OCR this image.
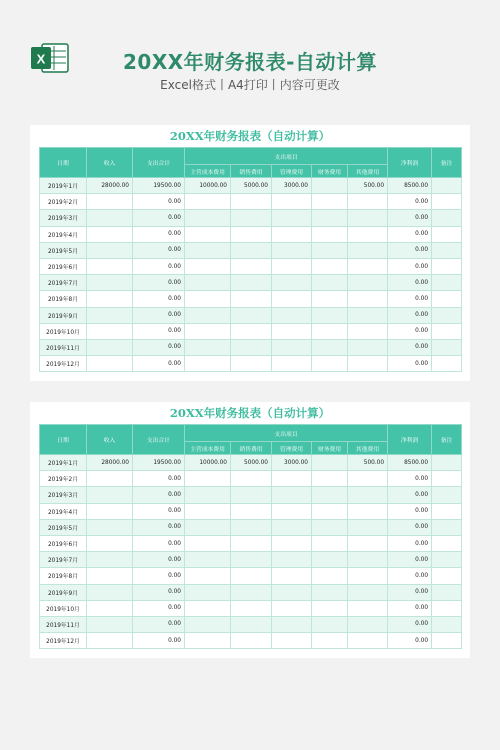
X	20XX年财务报表-自动计算
Excel格式丨A4打印丨内容可更改
20XX年财务报表（自动计算）
日期	收入	支出合计	支出项目					净利润	备注
			主营成本费用	销售费用	管理费用	财务费用	其他费用		
2019年1月	28000.00	19500.00	10000.00	5000.00	3000.00		500.00	8500.00	
2019年2月		0.00						0.00	
2019年3月		0.00						0.00	
2019年4月		0.00						0.00	
2019年5月		0.00						0.00	
2019年6月		0.00						0.00	
2019年7月		0.00						0.00	
2019年8月		0.00						0.00	
2019年9月		0.00						0.00	
2019年10月		0.00						0.00	
2019年11月		0.00						0.00	
2019年12月		0.00						0.00	
20XX年财务报表（自动计算）
日期	收入	支出合计	支出项目					净利润	备注
			主营成本费用	销售费用	管理费用	财务费用	其他费用		
2019年1月	28000.00	19500.00	10000.00	5000.00	3000.00		500.00	8500.00	
2019年2月		0.00						0.00	
2019年3月		0.00						0.00	
2019年4月		0.00						0.00	
2019年5月		0.00						0.00	
2019年6月		0.00						0.00	
2019年7月		0.00						0.00	
2019年8月		0.00						0.00	
2019年9月		0.00						0.00	
2019年10月		0.00						0.00	
2019年11月		0.00						0.00	
2019年12月		0.00						0.00	
